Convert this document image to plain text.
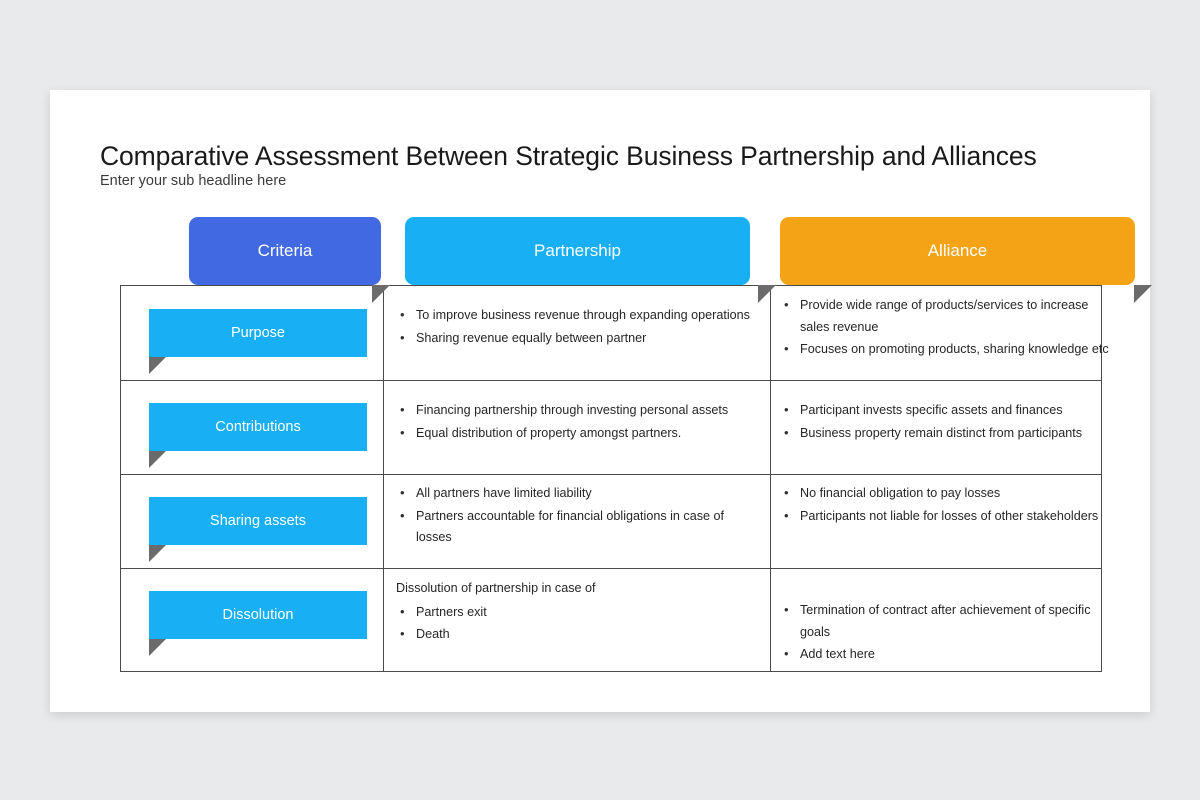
Comparative Assessment Between Strategic Business Partnership and Alliances
Enter your sub headline here
Criteria	Partnership	Alliance
Purpose
• To improve business revenue through expanding operations
• Sharing revenue equally between partner
• Provide wide range of products/services to increase sales revenue
• Focuses on promoting products, sharing knowledge etc
Contributions
• Financing partnership through investing personal assets
• Equal distribution of property amongst partners.
• Participant invests specific assets and finances
• Business property remain distinct from participants
Sharing assets
• All partners have limited liability
• Partners accountable for financial obligations in case of losses
• No financial obligation to pay losses
• Participants not liable for losses of other stakeholders
Dissolution

Dissolution of partnership in case of

• Partners exit
• Death
• Termination of contract after achievement of specific goals
• Add text here
